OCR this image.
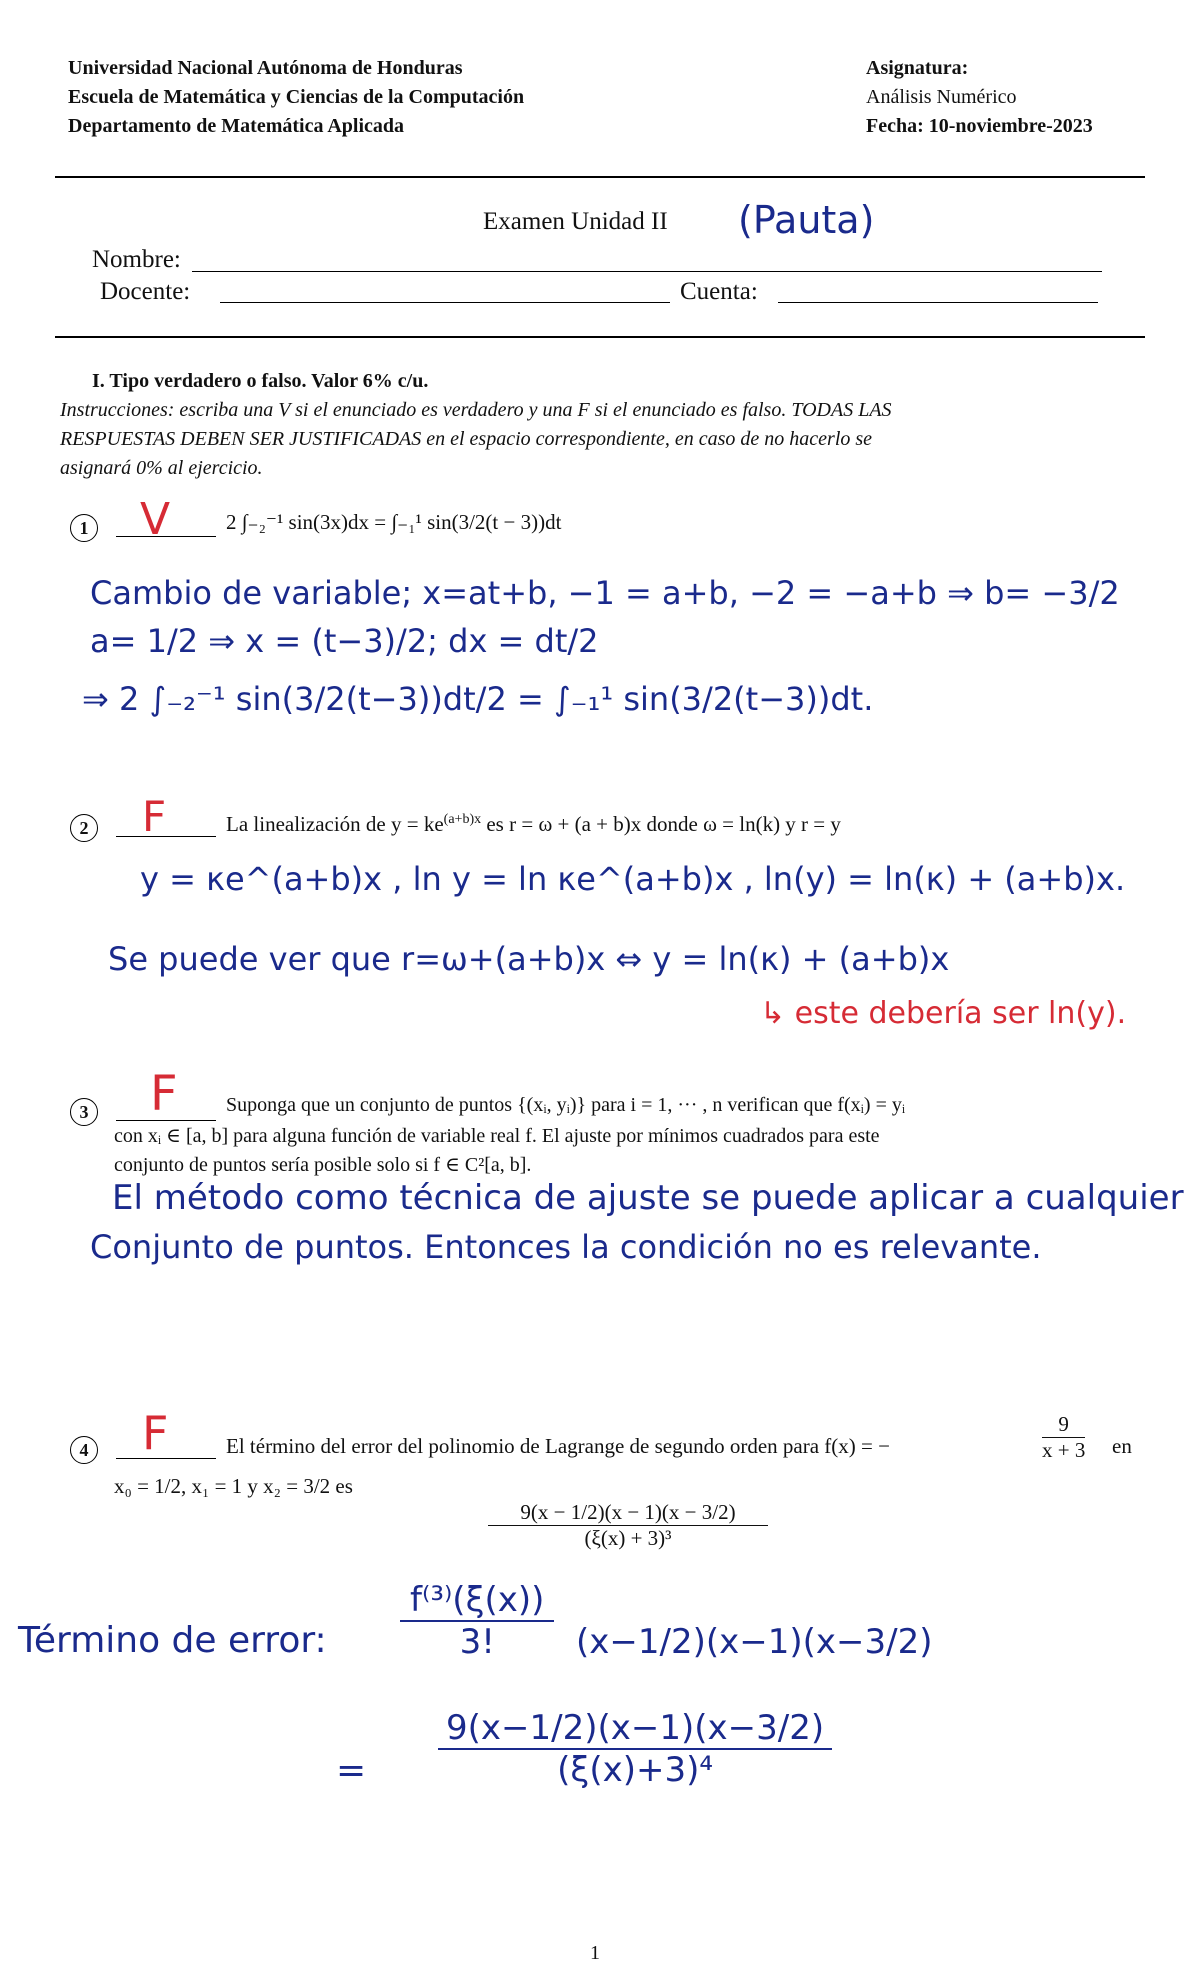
Universidad Nacional Autónoma de Honduras
Escuela de Matemática y Ciencias de la Computación
Departamento de Matemática Aplicada
Asignatura:
Análisis Numérico
Fecha: 10-noviembre-2023
Examen Unidad II (Pauta)
Nombre:
Docente:	Cuenta:
I. Tipo verdadero o falso. Valor 6% c/u.
Instrucciones: escriba una V si el enunciado es verdadero y una F si el enunciado es falso. TODAS LAS
RESPUESTAS DEBEN SER JUSTIFICADAS en el espacio correspondiente, en caso de no hacerlo se
asignará 0% al ejercicio.
1 V	2 ∫₋₂⁻¹ sin(3x)dx = ∫₋₁¹ sin(3/2(t − 3))dt
Cambio de variable; x=at+b, −1 = a+b, −2 = −a+b ⇒ b= −3/2
a= 1/2 ⇒ x = (t−3)/2; dx = dt/2
⇒ 2 ∫₋₂⁻¹ sin(3/2(t−3))dt/2 = ∫₋₁¹ sin(3/2(t−3))dt.
2 F	La linealización de $y = ke^{(a+b)x}$ es r = ω + (a + b)x donde ω = ln(k) y r = y
y = κe^(a+b)x , ln y = ln κe^(a+b)x , ln(y) = ln(κ) + (a+b)x.
Se puede ver que r=ω+(a+b)x ⇔ y = ln(κ) + (a+b)x
↳ este debería ser ln(y).
3 F Suponga que un conjunto de puntos {(xᵢ, yᵢ)} para i = 1, ··· , n verifican que f(xᵢ) = yᵢ
con xᵢ ∈ [a, b] para alguna función de variable real f. El ajuste por mínimos cuadrados para este
conjunto de puntos sería posible solo si f ∈ C²[a, b].
El método como técnica de ajuste se puede aplicar a cualquier
Conjunto de puntos. Entonces la condición no es relevante.
4 F	El término del error del polinomio de Lagrange de segundo orden para f(x) = −	$\frac{9}{x + 3}$ en
x₀ = 1/2, x₁ = 1 y x₂ = 3/2 es
$\frac{9(x - 1/2)(x - 1)(x - 3/2)}{\text{(ξ(x) + 3)³}}$
Término de error: $\frac{\text{f⁽³⁾(ξ(x))}}{3!} (x-1/2)(x-1)(x-3/2)$
= $\frac{9(x-1/2)(x-1)(x-3/2)}{\text{(ξ(x)+3)⁴}}$
1
